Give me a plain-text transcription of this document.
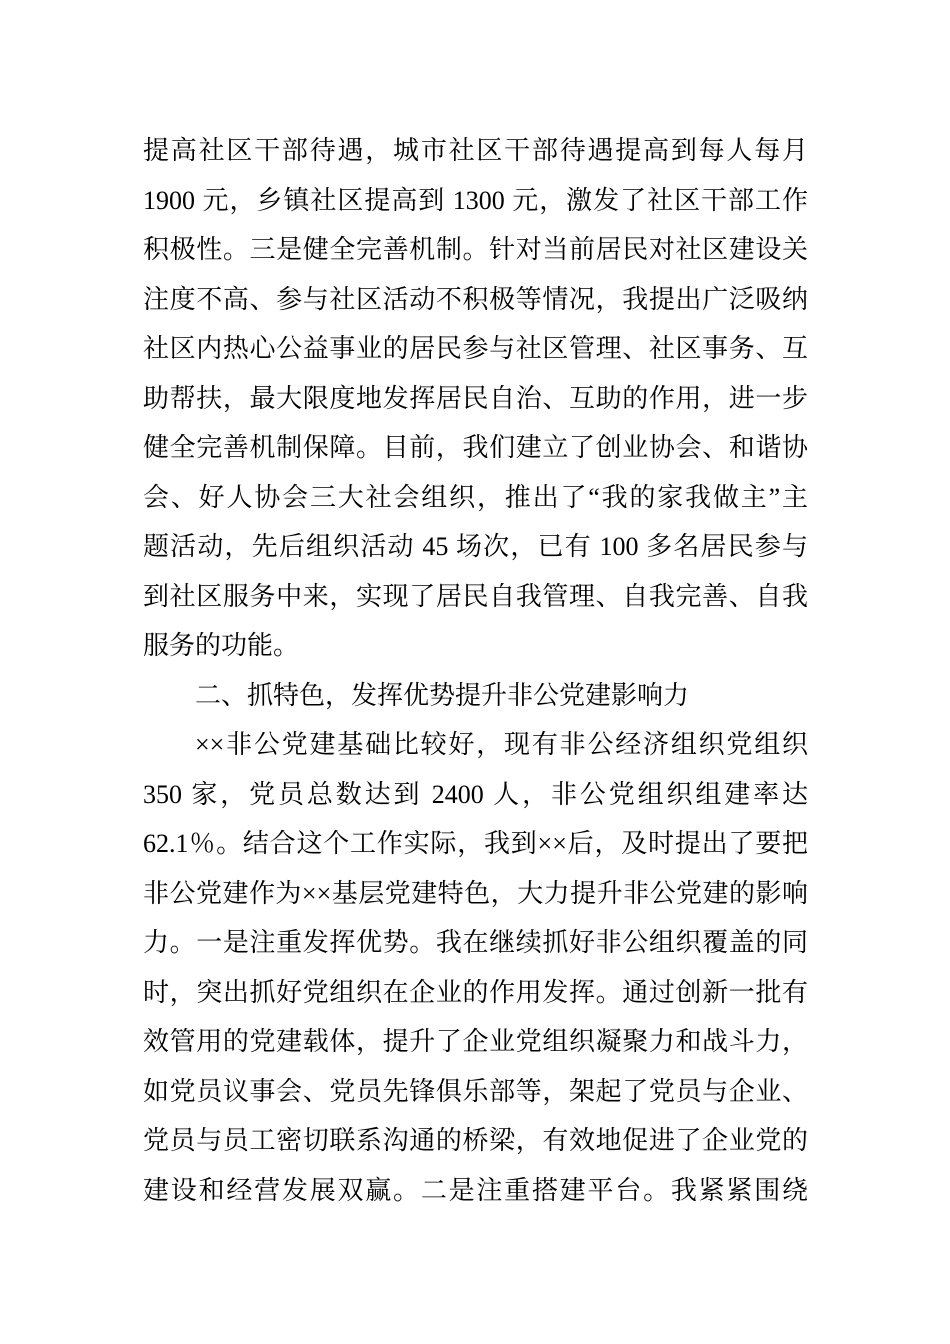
提高社区干部待遇，城市社区干部待遇提高到每人每月
1900 元，乡镇社区提高到 1300 元，激发了社区干部工作
积极性。三是健全完善机制。针对当前居民对社区建设关
注度不高、参与社区活动不积极等情况，我提出广泛吸纳
社区内热心公益事业的居民参与社区管理、社区事务、互
助帮扶，最大限度地发挥居民自治、互助的作用，进一步
健全完善机制保障。目前，我们建立了创业协会、和谐协
会、好人协会三大社会组织，推出了“我的家我做主”主
题活动，先后组织活动 45 场次，已有 100 多名居民参与
到社区服务中来，实现了居民自我管理、自我完善、自我
服务的功能。
二、抓特色，发挥优势提升非公党建影响力
××非公党建基础比较好，现有非公经济组织党组织
350 家，党员总数达到 2400 人，非公党组织组建率达
62.1％。结合这个工作实际，我到××后，及时提出了要把
非公党建作为××基层党建特色，大力提升非公党建的影响
力。一是注重发挥优势。我在继续抓好非公组织覆盖的同
时，突出抓好党组织在企业的作用发挥。通过创新一批有
效管用的党建载体，提升了企业党组织凝聚力和战斗力，
如党员议事会、党员先锋俱乐部等，架起了党员与企业、
党员与员工密切联系沟通的桥梁，有效地促进了企业党的
建设和经营发展双赢。二是注重搭建平台。我紧紧围绕
